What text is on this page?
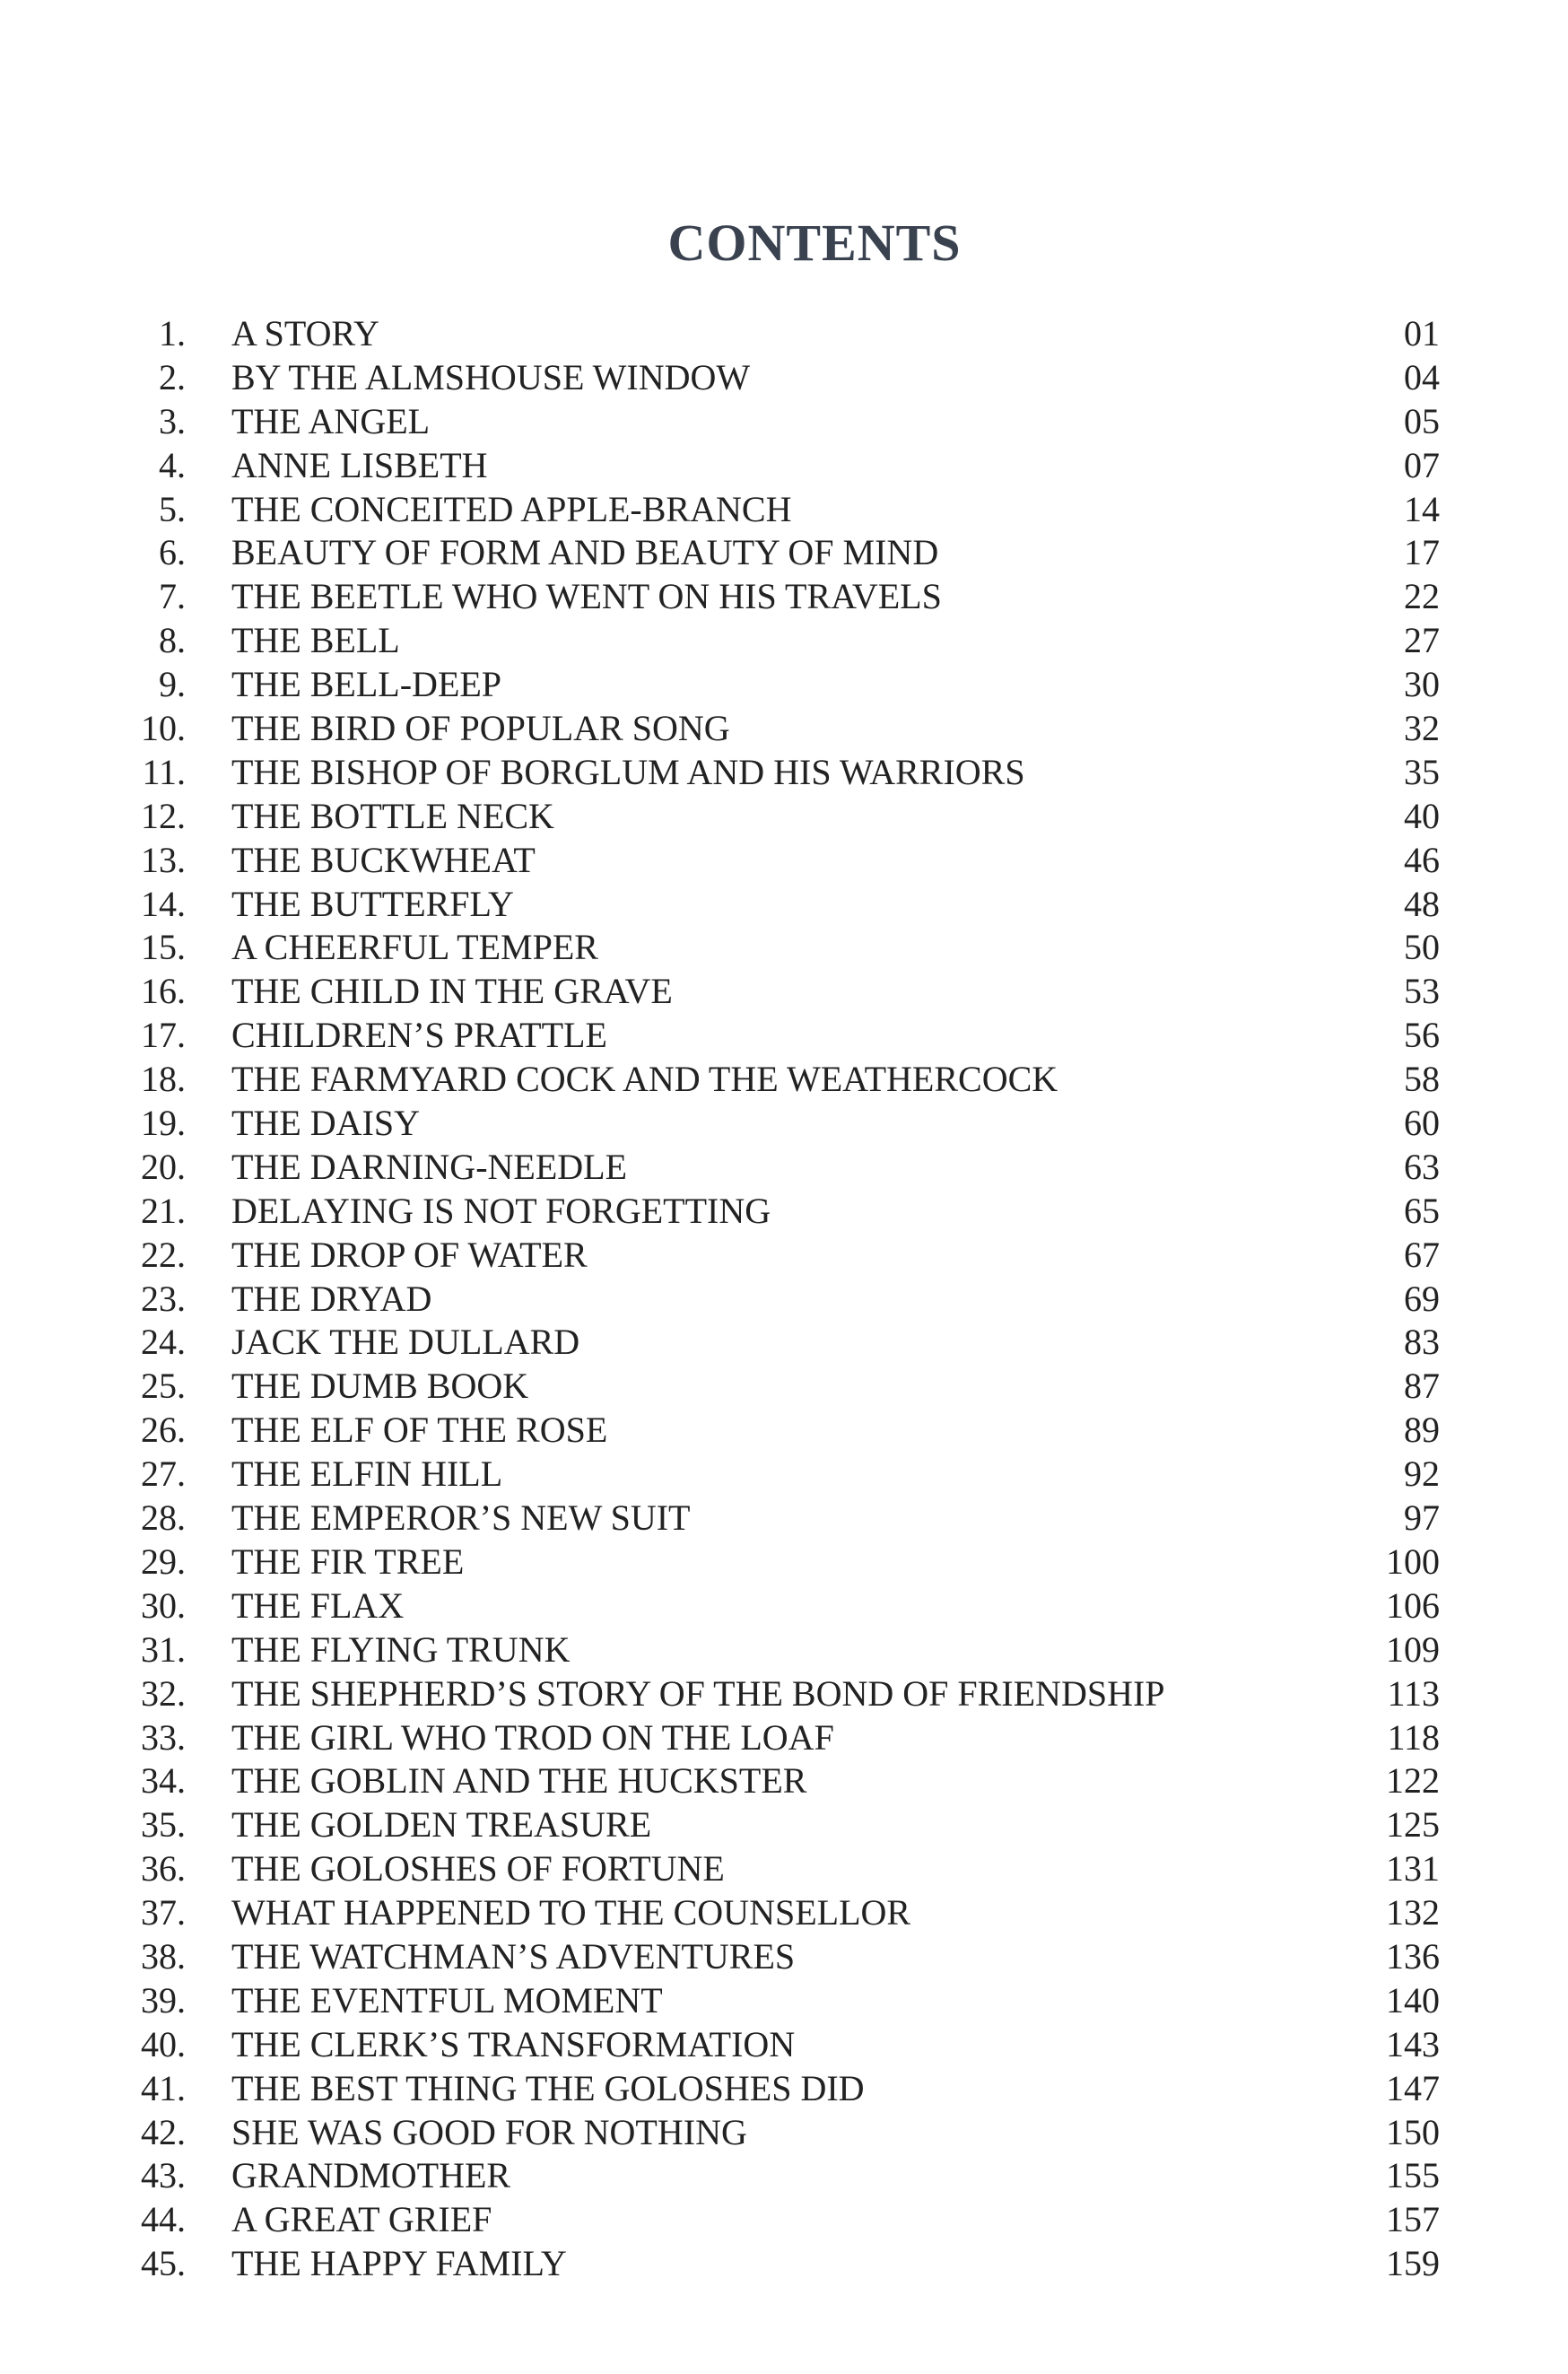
CONTENTS
1. A STORY	01
2. BY THE ALMSHOUSE WINDOW	04
3. THE ANGEL	05
4. ANNE LISBETH	07
5. THE CONCEITED APPLE-BRANCH	14
6. BEAUTY OF FORM AND BEAUTY OF MIND	17
7. THE BEETLE WHO WENT ON HIS TRAVELS	22
8. THE BELL	27
9. THE BELL-DEEP	30
10. THE BIRD OF POPULAR SONG	32
11. THE BISHOP OF BORGLUM AND HIS WARRIORS	35
12. THE BOTTLE NECK	40
13. THE BUCKWHEAT	46
14. THE BUTTERFLY	48
15. A CHEERFUL TEMPER	50
16. THE CHILD IN THE GRAVE	53
17. CHILDREN’S PRATTLE	56
18. THE FARMYARD COCK AND THE WEATHERCOCK	58
19. THE DAISY	60
20. THE DARNING-NEEDLE	63
21. DELAYING IS NOT FORGETTING	65
22. THE DROP OF WATER	67
23. THE DRYAD	69
24. JACK THE DULLARD	83
25. THE DUMB BOOK	87
26. THE ELF OF THE ROSE	89
27. THE ELFIN HILL	92
28. THE EMPEROR’S NEW SUIT	97
29. THE FIR TREE	100
30. THE FLAX	106
31. THE FLYING TRUNK	109
32. THE SHEPHERD’S STORY OF THE BOND OF FRIENDSHIP	113
33. THE GIRL WHO TROD ON THE LOAF	118
34. THE GOBLIN AND THE HUCKSTER	122
35. THE GOLDEN TREASURE	125
36. THE GOLOSHES OF FORTUNE	131
37. WHAT HAPPENED TO THE COUNSELLOR	132
38. THE WATCHMAN’S ADVENTURES	136
39. THE EVENTFUL MOMENT	140
40. THE CLERK’S TRANSFORMATION	143
41. THE BEST THING THE GOLOSHES DID	147
42. SHE WAS GOOD FOR NOTHING	150
43. GRANDMOTHER	155
44. A GREAT GRIEF	157
45. THE HAPPY FAMILY	159
